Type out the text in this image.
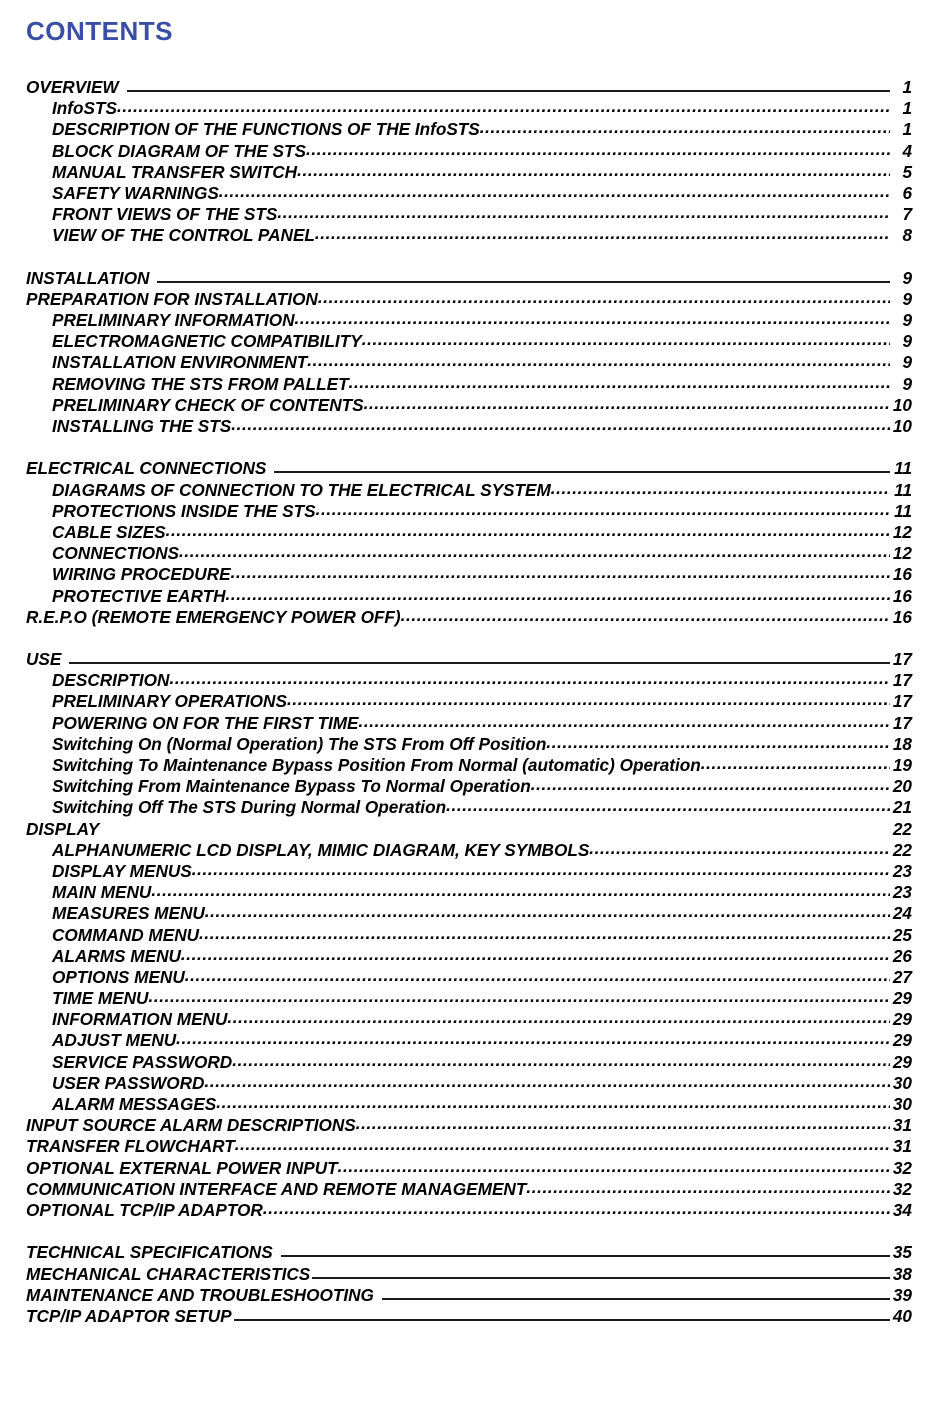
CONTENTS
OVERVIEW	1
InfoSTS .....	1
DESCRIPTION OF THE FUNCTIONS OF THE InfoSTS .....	1
BLOCK DIAGRAM OF THE STS .....	4
MANUAL TRANSFER SWITCH .....	5
SAFETY WARNINGS .....	6
FRONT VIEWS OF THE STS .....	7
VIEW OF THE CONTROL PANEL .....	8
INSTALLATION	9
PREPARATION FOR INSTALLATION .....	9
PRELIMINARY INFORMATION .....	9
ELECTROMAGNETIC COMPATIBILITY .....	9
INSTALLATION ENVIRONMENT .....	9
REMOVING THE STS FROM PALLET .....	9
PRELIMINARY CHECK OF CONTENTS .....	10
INSTALLING THE STS .....	10
ELECTRICAL CONNECTIONS	11
DIAGRAMS OF CONNECTION TO THE ELECTRICAL SYSTEM .....	11
PROTECTIONS INSIDE THE STS .....	11
CABLE SIZES .....	12
CONNECTIONS .....	12
WIRING PROCEDURE .....	16
PROTECTIVE EARTH .....	16
R.E.P.O (REMOTE EMERGENCY POWER OFF) .....	16
USE	17
DESCRIPTION .....	17
PRELIMINARY OPERATIONS .....	17
POWERING ON FOR THE FIRST TIME .....	17
Switching On (Normal Operation) The STS From Off Position .....	18
Switching To Maintenance Bypass Position From Normal (automatic) Operation .....	19
Switching From Maintenance Bypass To Normal Operation .....	20
Switching Off The STS During Normal Operation .....	21
DISPLAY	22
ALPHANUMERIC LCD DISPLAY, MIMIC DIAGRAM, KEY SYMBOLS .....	22
DISPLAY MENUS .....	23
MAIN MENU .....	23
MEASURES MENU .....	24
COMMAND MENU .....	25
ALARMS MENU .....	26
OPTIONS MENU .....	27
TIME MENU .....	29
INFORMATION MENU .....	29
ADJUST MENU .....	29
SERVICE PASSWORD .....	29
USER PASSWORD .....	30
ALARM MESSAGES .....	30
INPUT SOURCE ALARM DESCRIPTIONS .....	31
TRANSFER FLOWCHART .....	31
OPTIONAL EXTERNAL POWER INPUT .....	32
COMMUNICATION INTERFACE AND REMOTE MANAGEMENT .....	32
OPTIONAL TCP/IP ADAPTOR .....	34
TECHNICAL SPECIFICATIONS	35
MECHANICAL CHARACTERISTICS	38
MAINTENANCE AND TROUBLESHOOTING	39
TCP/IP ADAPTOR SETUP	40
